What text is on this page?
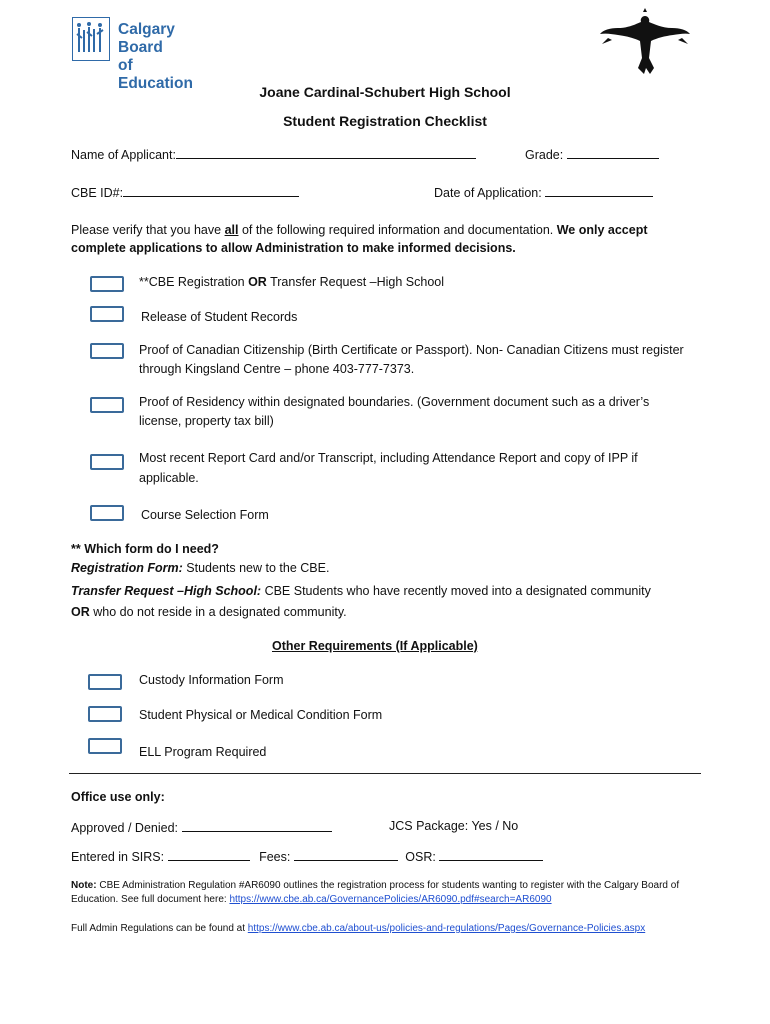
Calgary Board
of Education	Joane Cardinal-Schubert High School
Student Registration Checklist
Name of Applicant:	Grade:
CBE ID#:	Date of Application:
Please verify that you have all of the following required information and documentation. We only accept complete applications to allow Administration to make informed decisions.
**CBE Registration OR Transfer Request –High School
Release of Student Records
Proof of Canadian Citizenship (Birth Certificate or Passport). Non- Canadian Citizens must register through Kingsland Centre – phone 403-777-7373.
Proof of Residency within designated boundaries. (Government document such as a driver’s license, property tax bill)
Most recent Report Card and/or Transcript, including Attendance Report and copy of IPP if applicable.
Course Selection Form
** Which form do I need?
Registration Form: Students new to the CBE.
Transfer Request –High School: CBE Students who have recently moved into a designated community OR who do not reside in a designated community.
Other Requirements (If Applicable)
Custody Information Form
Student Physical or Medical Condition Form
ELL Program Required
Office use only:
Approved / Denied:	JCS Package: Yes / No
Entered in SIRS:	Fees:	OSR:
Note: CBE Administration Regulation #AR6090 outlines the registration process for students wanting to register with the Calgary Board of Education. See full document here: https://www.cbe.ab.ca/GovernancePolicies/AR6090.pdf#search=AR6090
Full Admin Regulations can be found at https://www.cbe.ab.ca/about-us/policies-and-regulations/Pages/Governance-Policies.aspx
